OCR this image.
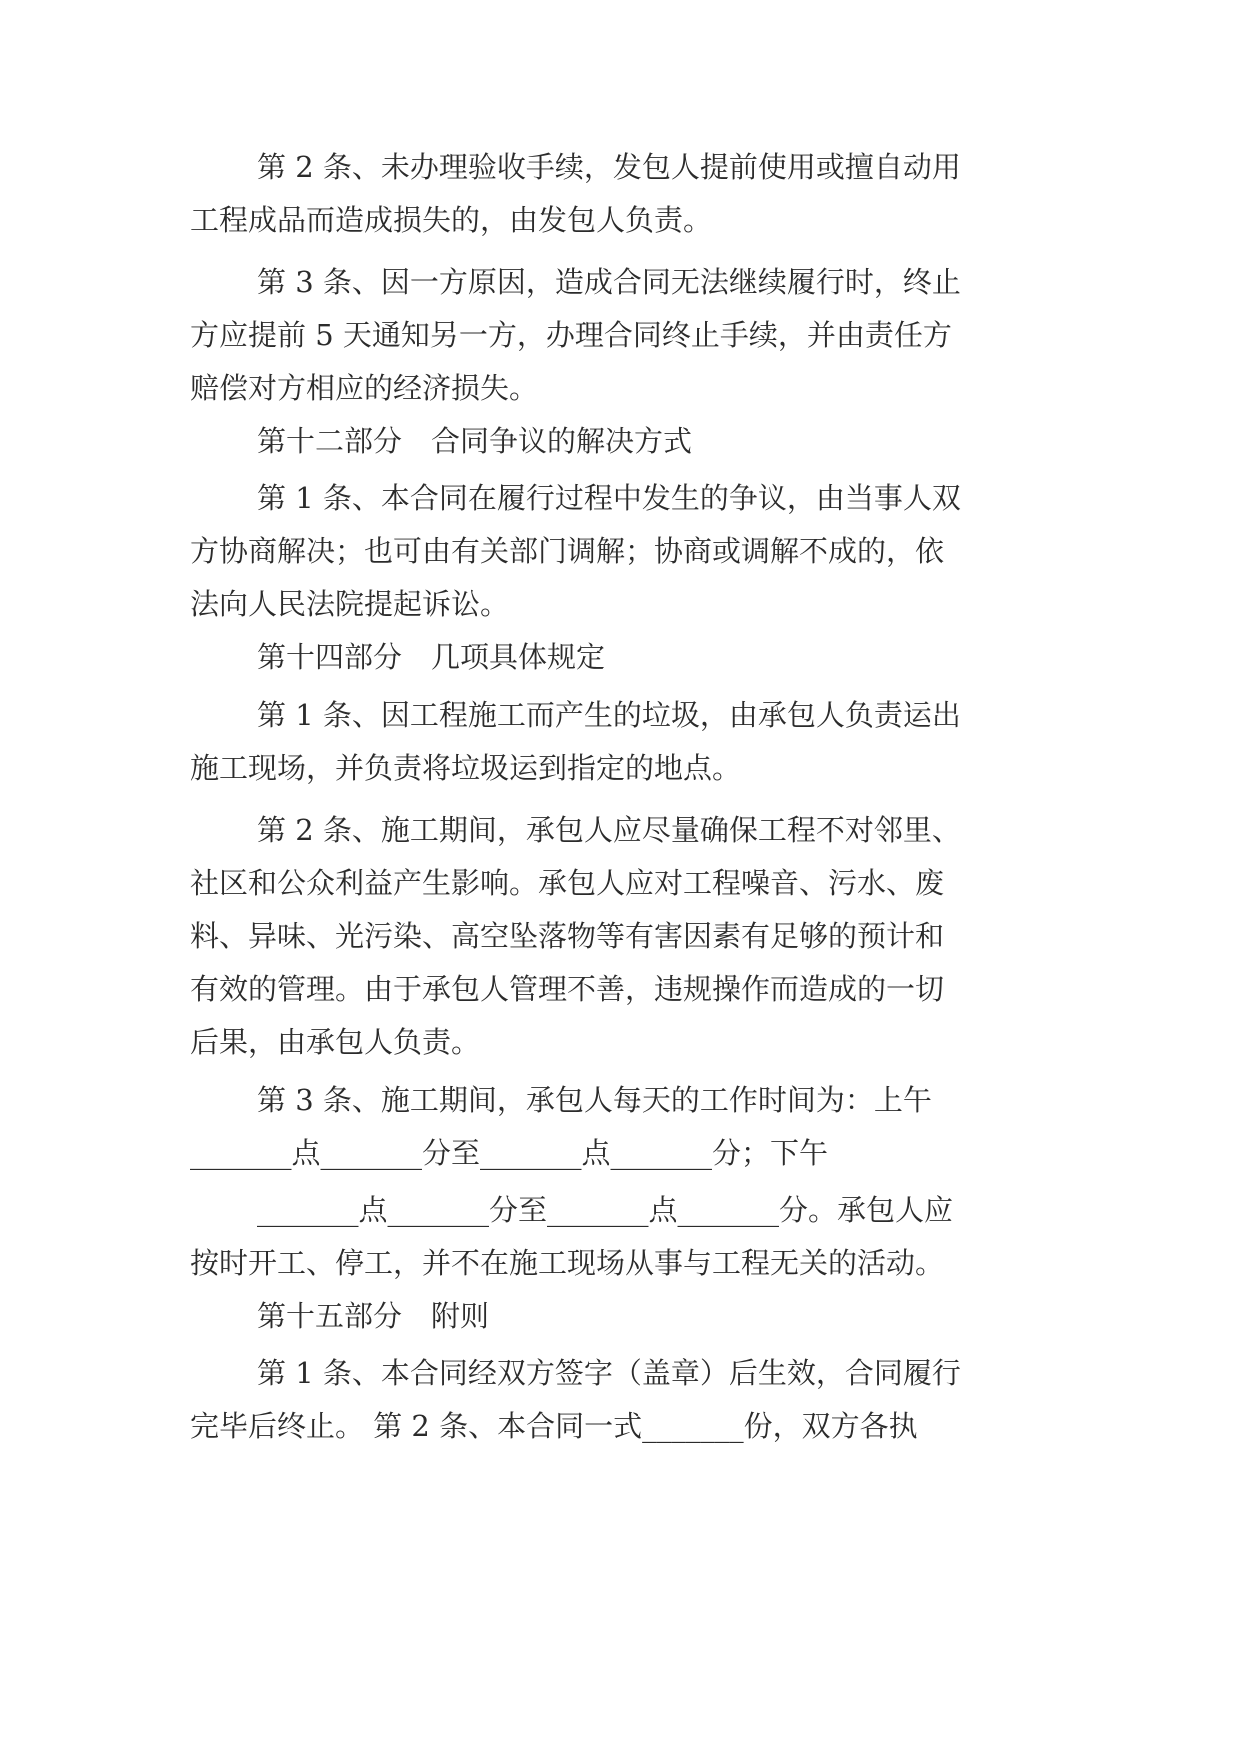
第 2 条、未办理验收手续，发包人提前使用或擅自动用
工程成品而造成损失的，由发包人负责。
第 3 条、因一方原因，造成合同无法继续履行时，终止
方应提前 5 天通知另一方，办理合同终止手续，并由责任方
赔偿对方相应的经济损失。
第十二部分　合同争议的解决方式
第 1 条、本合同在履行过程中发生的争议，由当事人双
方协商解决；也可由有关部门调解；协商或调解不成的，依
法向人民法院提起诉讼。
第十四部分　几项具体规定
第 1 条、因工程施工而产生的垃圾，由承包人负责运出
施工现场，并负责将垃圾运到指定的地点。
第 2 条、施工期间，承包人应尽量确保工程不对邻里、
社区和公众利益产生影响。承包人应对工程噪音、污水、废
料、异味、光污染、高空坠落物等有害因素有足够的预计和
有效的管理。由于承包人管理不善，违规操作而造成的一切
后果，由承包人负责。
第 3 条、施工期间，承包人每天的工作时间为：上午
_______点_______分至_______点_______分；下午
_______点_______分至_______点_______分。承包人应
按时开工、停工，并不在施工现场从事与工程无关的活动。
第十五部分　附则
第 1 条、本合同经双方签字（盖章）后生效，合同履行
完毕后终止。 第 2 条、本合同一式_______份，双方各执
